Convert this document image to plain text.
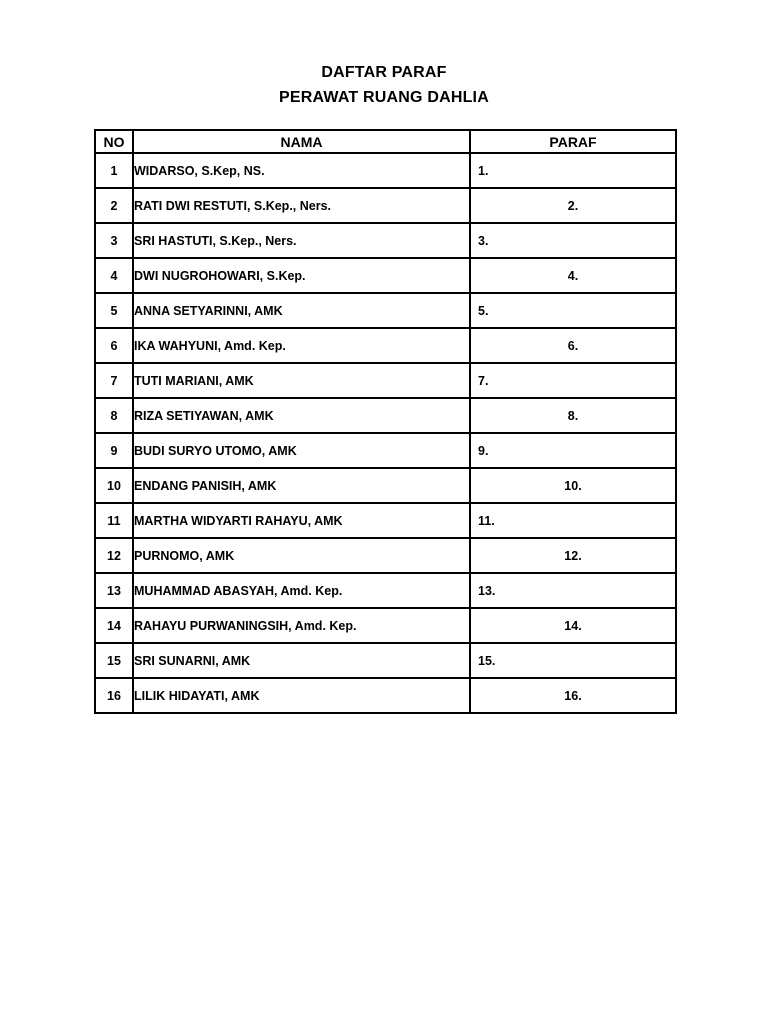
DAFTAR PARAF
PERAWAT RUANG DAHLIA
NO	NAMA	PARAF
1	WIDARSO, S.Kep, NS.	1.
2	RATI DWI RESTUTI, S.Kep., Ners.	2.
3	SRI HASTUTI, S.Kep., Ners.	3.
4	DWI NUGROHOWARI, S.Kep.	4.
5	ANNA SETYARINNI, AMK	5.
6	IKA WAHYUNI, Amd. Kep.	6.
7	TUTI MARIANI, AMK	7.
8	RIZA SETIYAWAN, AMK	8.
9	BUDI SURYO UTOMO, AMK	9.
10	ENDANG PANISIH, AMK	10.
11	MARTHA WIDYARTI RAHAYU, AMK	11.
12	PURNOMO, AMK	12.
13	MUHAMMAD ABASYAH, Amd. Kep.	13.
14	RAHAYU PURWANINGSIH, Amd. Kep.	14.
15	SRI SUNARNI, AMK	15.
16	LILIK HIDAYATI, AMK	16.
